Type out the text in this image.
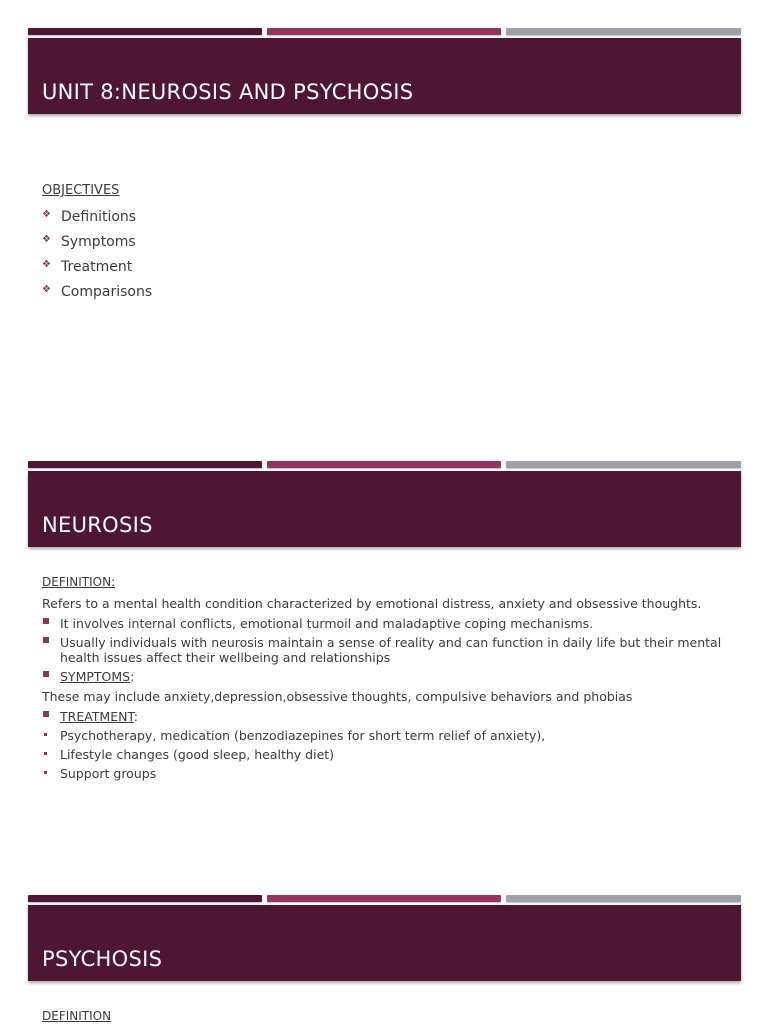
UNIT 8:NEUROSIS AND PSYCHOSIS

OBJECTIVES

❖ Definitions
❖ Symptoms
❖ Treatment
❖ Comparisons
NEUROSIS

DEFINITION:

Refers to a mental health condition characterized by emotional distress, anxiety and obsessive thoughts.

It involves internal conflicts, emotional turmoil and maladaptive coping mechanisms.
Usually individuals with neurosis maintain a sense of reality and can function in daily life but their mental health issues affect their wellbeing and relationships
SYMPTOMS:

These may include anxiety,depression,obsessive thoughts, compulsive behaviors and phobias

TREATMENT:
Psychotherapy, medication (benzodiazepines for short term relief of anxiety),
Lifestyle changes (good sleep, healthy diet)
Support groups
PSYCHOSIS

DEFINITION
